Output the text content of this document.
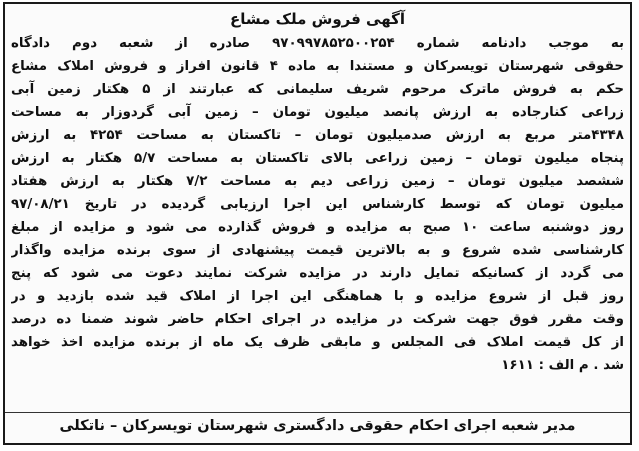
آگهی فروش ملک مشاع
به موجب دادنامه شماره ۹۷۰۹۹۷۸۵۲۵۰۰۲۵۴ صادره از شعبه دوم دادگاه
حقوقی شهرستان تویسرکان و مستندا به ماده ۴ قانون افراز و فروش املاک مشاع
حکم به فروش ماترک مرحوم شریف سلیمانی که عبارتند از ۵ هکتار زمین آبی
زراعی کنارجاده به ارزش پانصد میلیون تومان – زمین آبی گردوزار به مساحت
۴۳۴۸متر مربع به ارزش صدمیلیون تومان – تاکستان به مساحت ۴۲۵۴ به ارزش
پنجاه میلیون تومان – زمین زراعی بالای تاکستان به مساحت ۵/۷ هکتار به ارزش
ششصد میلیون تومان – زمین زراعی دیم به مساحت ۷/۲ هکتار به ارزش هفتاد
میلیون تومان که توسط کارشناس این اجرا ارزیابی گردیده در تاریخ ۹۷/۰۸/۲۱
روز دوشنبه ساعت ۱۰ صبح به مزایده و فروش گذارده می شود و مزایده از مبلغ
کارشناسی شده شروع و به بالاترین قیمت پیشنهادی از سوی برنده مزایده واگذار
می گردد از کسانیکه تمایل دارند در مزایده شرکت نمایند دعوت می شود که پنج
روز قبل از شروع مزایده و با هماهنگی این اجرا از املاک قید شده بازدید و در
وقت مقرر فوق جهت شرکت در مزایده در اجرای احکام حاضر شوند ضمنا ده درصد
از کل قیمت املاک فی المجلس و مابقی ظرف یک ماه از برنده مزایده اخذ خواهد
شد . م الف : ۱۶۱۱
مدیر شعبه اجرای احکام حقوقی دادگستری شهرستان تویسرکان – ناتکلی
